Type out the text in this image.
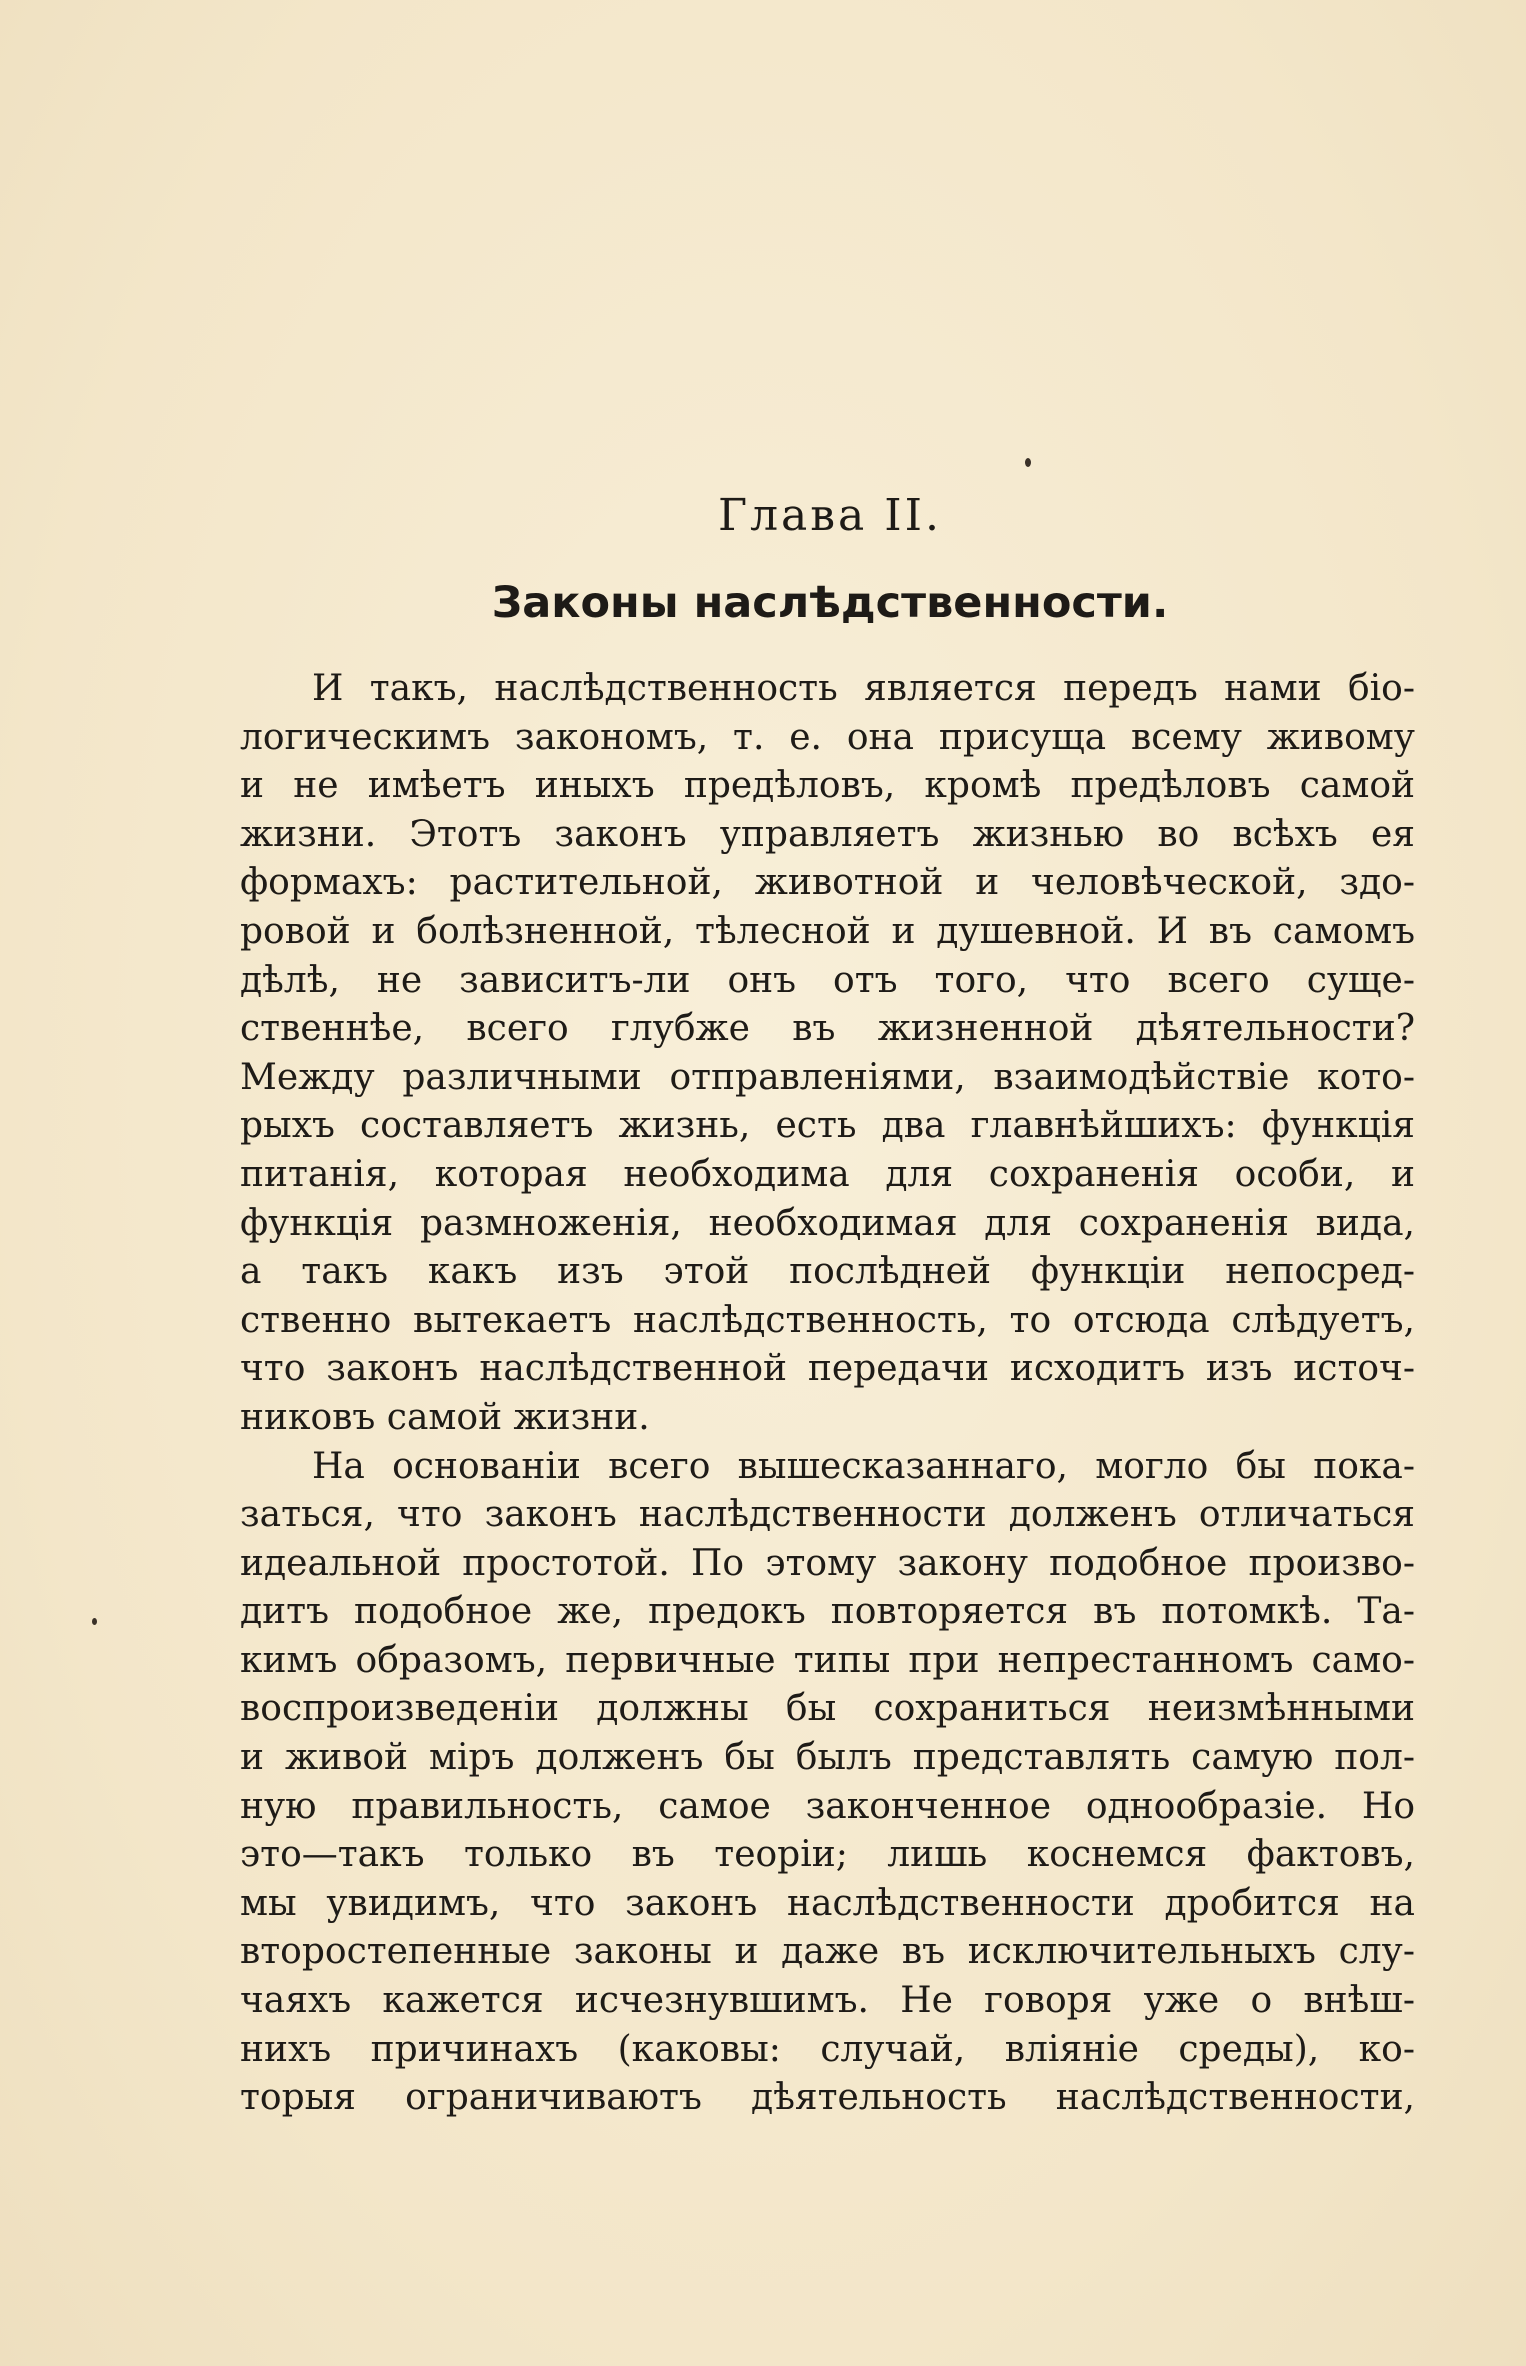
Глава II.
Законы наслѣдственности.
И такъ, наслѣдственность является передъ нами біо-
логическимъ закономъ, т. е. она присуща всему живому
и не имѣетъ иныхъ предѣловъ, кромѣ предѣловъ самой
жизни. Этотъ законъ управляетъ жизнью во всѣхъ ея
формахъ: растительной, животной и человѣческой, здо-
ровой и болѣзненной, тѣлесной и душевной. И въ самомъ
дѣлѣ, не зависитъ-ли онъ отъ того, что всего суще-
ственнѣе, всего глубже въ жизненной дѣятельности?
Между различными отправленіями, взаимодѣйствіе кото-
рыхъ составляетъ жизнь, есть два главнѣйшихъ: функція
питанія, которая необходима для сохраненія особи, и
функція размноженія, необходимая для сохраненія вида,
а такъ какъ изъ этой послѣдней функціи непосред-
ственно вытекаетъ наслѣдственность, то отсюда слѣдуетъ,
что законъ наслѣдственной передачи исходитъ изъ источ-
никовъ самой жизни.
На основаніи всего вышесказаннаго, могло бы пока-
заться, что законъ наслѣдственности долженъ отличаться
идеальной простотой. По этому закону подобное произво-
дитъ подобное же, предокъ повторяется въ потомкѣ. Та-
кимъ образомъ, первичные типы при непрестанномъ само-
воспроизведеніи должны бы сохраниться неизмѣнными
и живой міръ долженъ бы былъ представлять самую пол-
ную правильность, самое законченное однообразіе. Но
это—такъ только въ теоріи; лишь коснемся фактовъ,
мы увидимъ, что законъ наслѣдственности дробится на
второстепенные законы и даже въ исключительныхъ слу-
чаяхъ кажется исчезнувшимъ. Не говоря уже о внѣш-
нихъ причинахъ (каковы: случай, вліяніе среды), ко-
торыя ограничиваютъ дѣятельность наслѣдственности,
